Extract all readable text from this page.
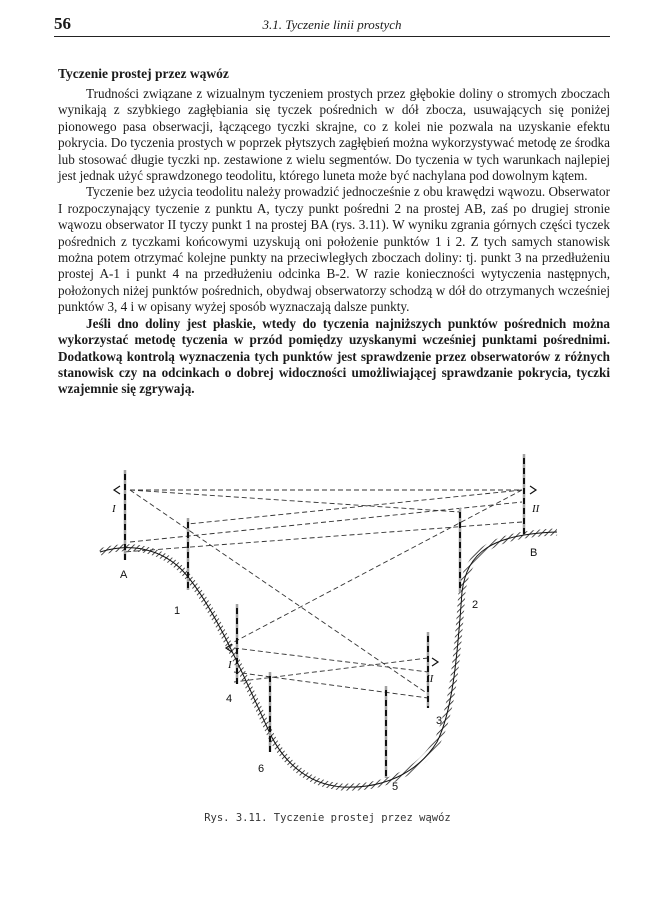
56	3.1. Tyczenie linii prostych
Tyczenie prostej przez wąwóz

Trudności związane z wizualnym tyczeniem prostych przez głębokie doliny o stromych zboczach wynikają z szybkiego zagłębiania się tyczek pośrednich w dół zbocza, usuwających się poniżej pionowego pasa obserwacji, łączącego tyczki skrajne, co z kolei nie pozwala na uzyskanie efektu pokrycia. Do tyczenia prostych w poprzek płytszych zagłębień można wykorzystywać metodę ze środka lub stosować długie tyczki np. zestawione z wielu segmentów. Do tyczenia w tych warunkach najlepiej jest jednak użyć sprawdzonego teodolitu, którego luneta może być nachylana pod dowolnym kątem.

Tyczenie bez użycia teodolitu należy prowadzić jednocześnie z obu krawędzi wąwozu. Obserwator I rozpoczynający tyczenie z punktu A, tyczy punkt pośredni 2 na prostej AB, zaś po drugiej stronie wąwozu obserwator II tyczy punkt 1 na prostej BA (rys. 3.11). W wyniku zgrania górnych części tyczek pośrednich z tyczkami końcowymi uzyskują oni położenie punktów 1 i 2. Z tych samych stanowisk można potem otrzymać kolejne punkty na przeciwległych zboczach doliny: tj. punkt 3 na przedłużeniu prostej A-1 i punkt 4 na przedłużeniu odcinka B-2. W razie konieczności wytyczenia następnych, położonych niżej punktów pośrednich, obydwaj obserwatorzy schodzą w dół do otrzymanych wcześniej punktów 3, 4 i w opisany wyżej sposób wyznaczają dalsze punkty.

Jeśli dno doliny jest płaskie, wtedy do tyczenia najniższych punktów pośrednich można wykorzystać metodę tyczenia w przód pomiędzy uzyskanymi wcześniej punktami pośrednimi. Dodatkową kontrolą wyznaczenia tych punktów jest sprawdzenie przez obserwatorów z różnych stanowisk czy na odcinkach o dobrej widoczności umożliwiającej sprawdzanie pokrycia, tyczki wzajemnie się zgrywają.

A
B
I	II
1	2
I
II
4
3
6
5
Rys. 3.11. Tyczenie prostej przez wąwóz
